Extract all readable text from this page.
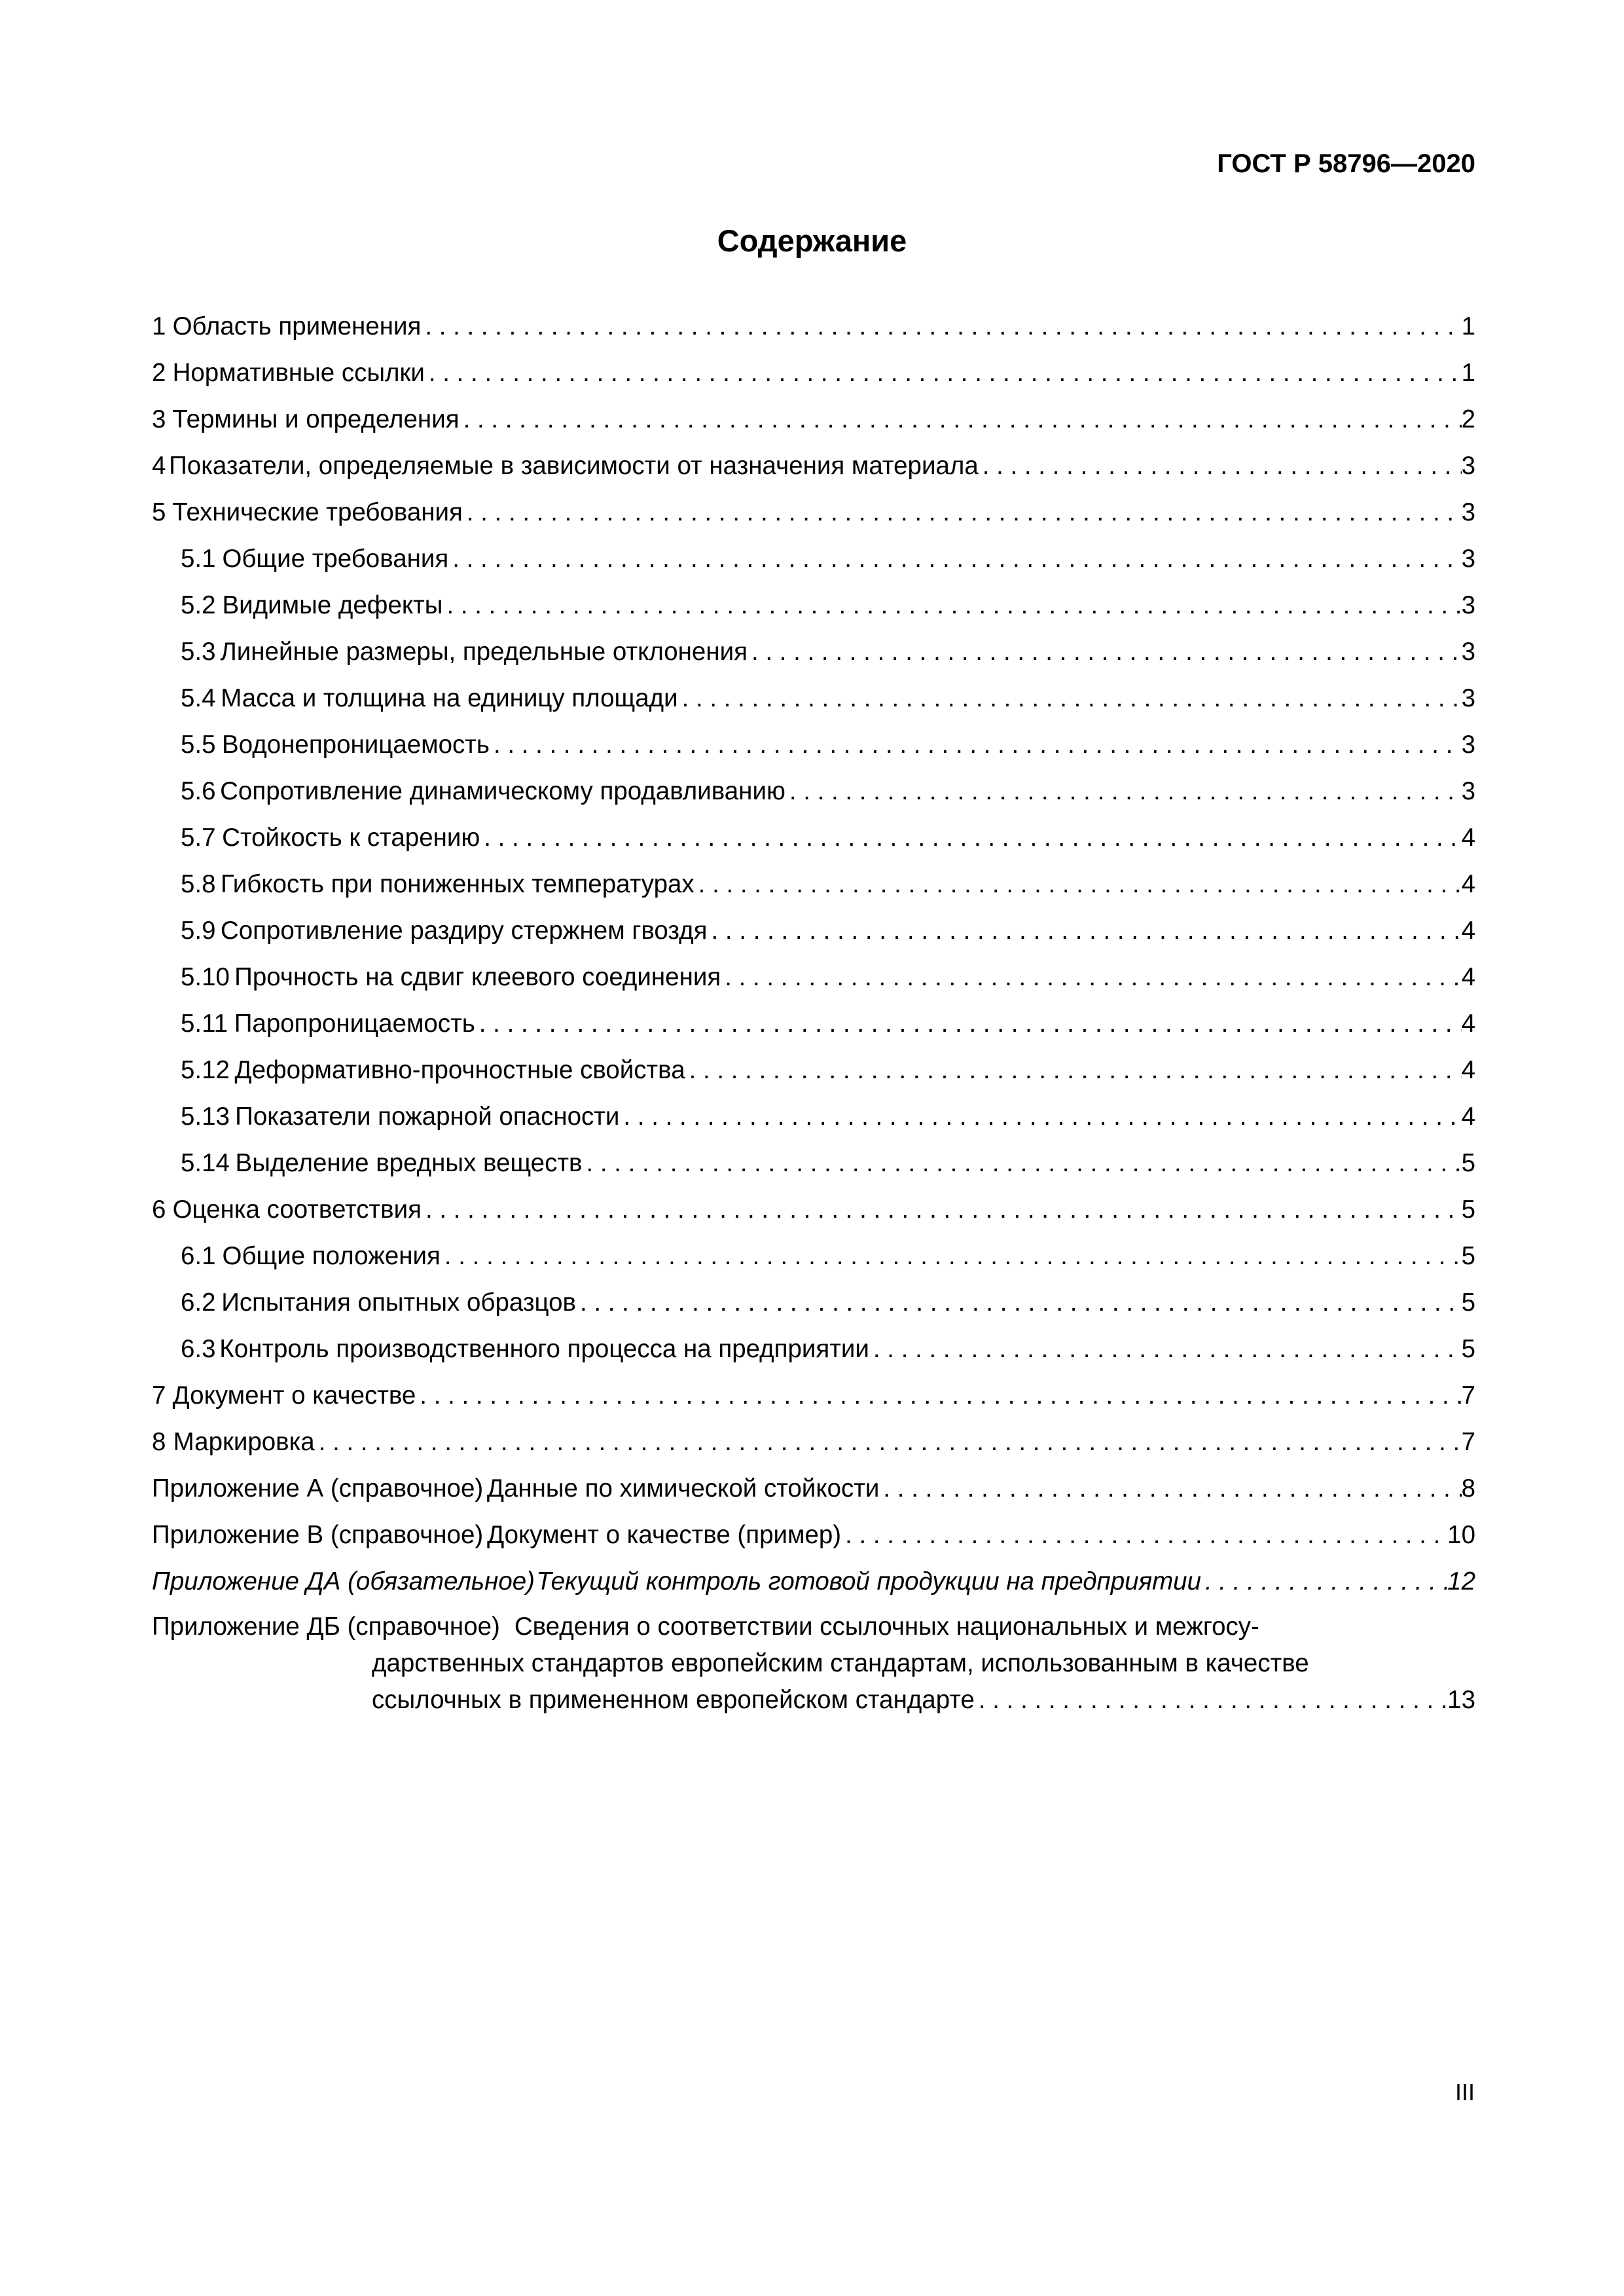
ГОСТ Р 58796—2020
Содержание
1 Область применения . . .	1
2 Нормативные ссылки . . .	1
3 Термины и определения . . .	2
4 Показатели, определяемые в зависимости от назначения материала . . .	3
5 Технические требования . . .	3
5.1 Общие требования . . .	3
5.2 Видимые дефекты . . .	3
5.3 Линейные размеры, предельные отклонения . . .	3
5.4 Масса и толщина на единицу площади . . .	3
5.5 Водонепроницаемость . . .	3
5.6 Сопротивление динамическому продавливанию . . .	3
5.7 Стойкость к старению . . .	4
5.8 Гибкость при пониженных температурах . . .	4
5.9 Сопротивление раздиру стержнем гвоздя . . .	4
5.10 Прочность на сдвиг клеевого соединения . . .	4
5.11 Паропроницаемость . . .	4
5.12 Деформативно-прочностные свойства . . .	4
5.13 Показатели пожарной опасности . . .	4
5.14 Выделение вредных веществ . . .	5
6 Оценка соответствия . . .	5
6.1 Общие положения . . .	5
6.2 Испытания опытных образцов . . .	5
6.3 Контроль производственного процесса на предприятии . . .	5
7 Документ о качестве . . .	7
8 Маркировка . . .	7
Приложение А (справочное) Данные по химической стойкости . . .	8
Приложение В (справочное) Документ о качестве (пример) . . .	10
Приложение ДА (обязательное) Текущий контроль готовой продукции на предприятии . . .	12
Приложение ДБ (справочное) Сведения о соответствии ссылочных национальных и межгосу-
дарственных стандартов европейским стандартам, использованным в качестве
ссылочных в примененном европейском стандарте . . .	13
III
